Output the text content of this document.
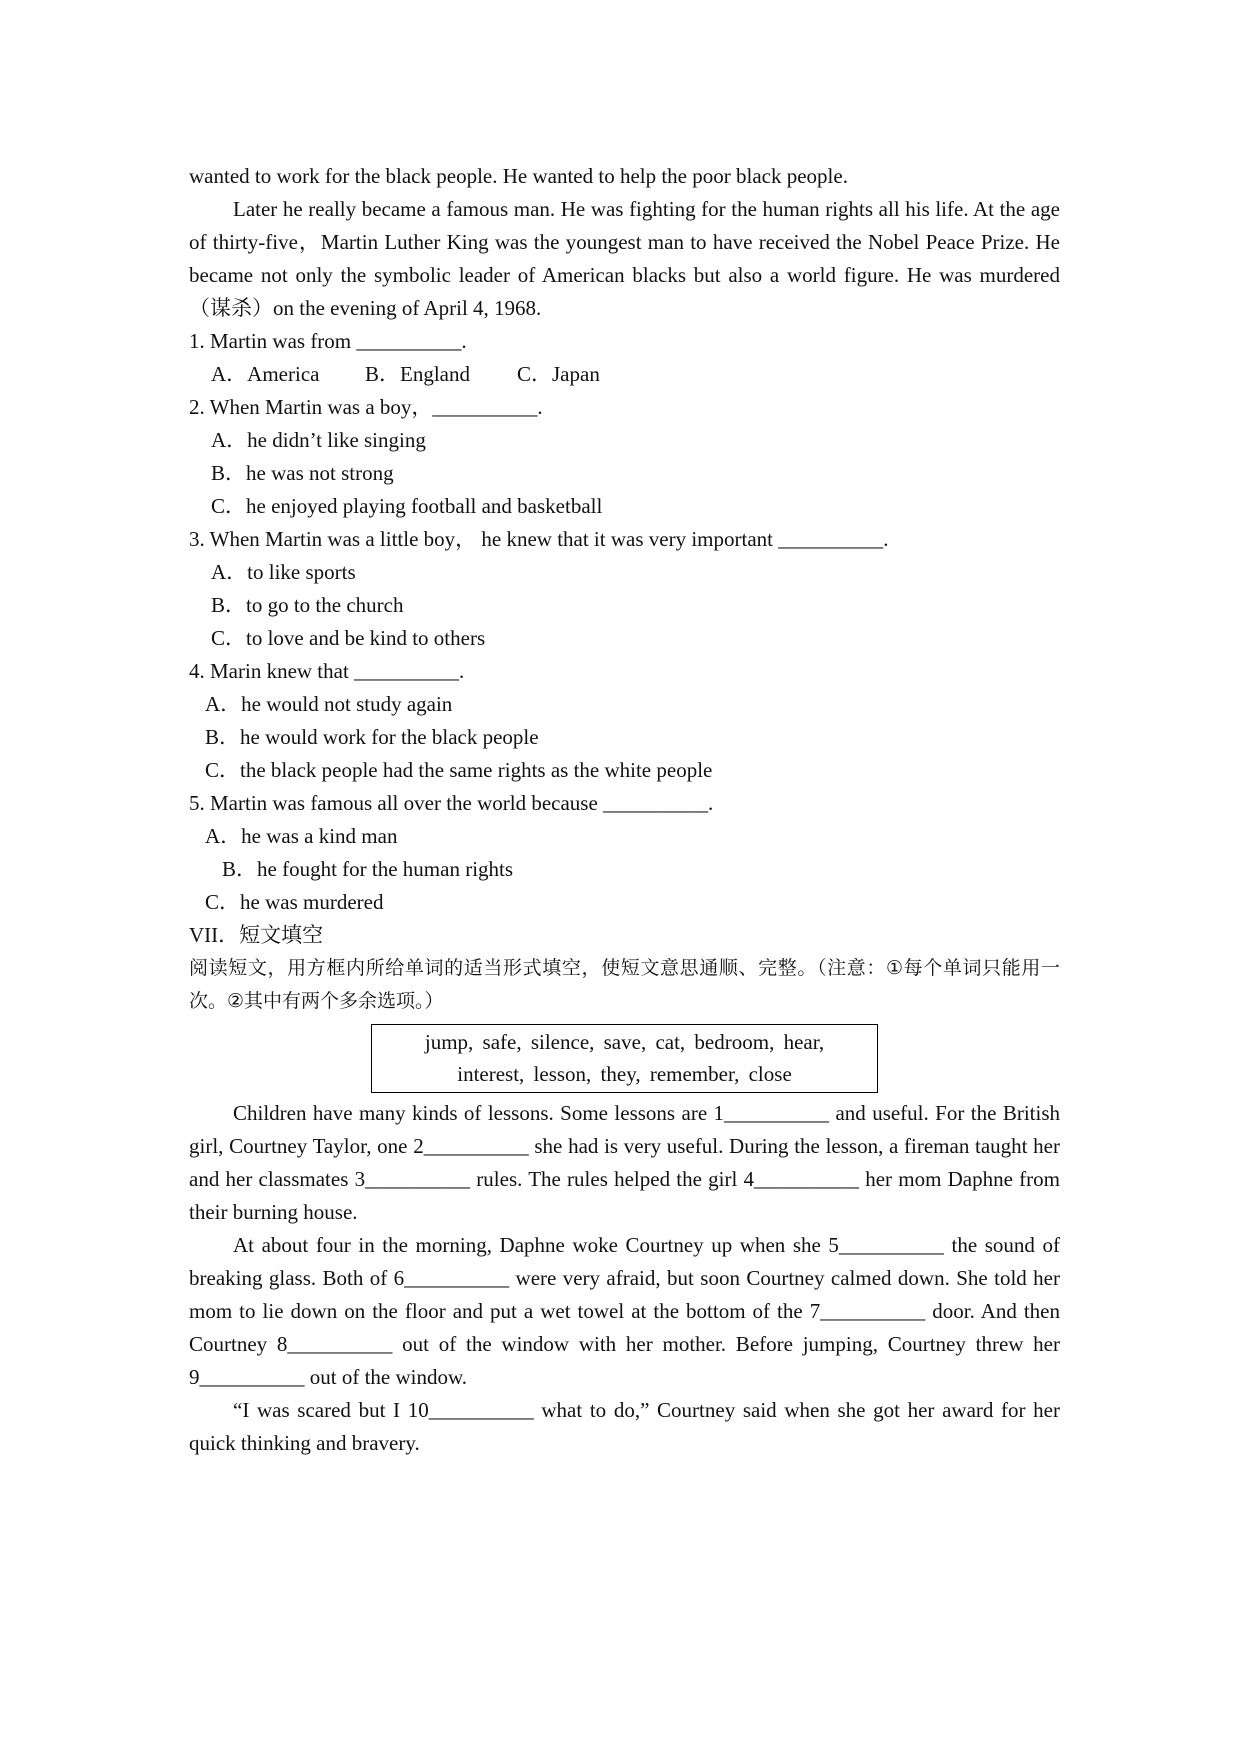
wanted to work for the black people. He wanted to help the poor black people.
Later he really became a famous man. He was fighting for the human rights all his life. At the age of thirty-five，Martin Luther King was the youngest man to have received the Nobel Peace Prize. He became not only the symbolic leader of American blacks but also a world figure. He was murdered（谋杀）on the evening of April 4, 1968.
1. Martin was from __________.
A．America B．England C．Japan
2. When Martin was a boy，__________.
A．he didn’t like singing
B．he was not strong
C．he enjoyed playing football and basketball
3. When Martin was a little boy， he knew that it was very important __________.
A．to like sports
B．to go to the church
C．to love and be kind to others
4. Marin knew that __________.
A．he would not study again
B．he would work for the black people
C．the black people had the same rights as the white people
5. Martin was famous all over the world because __________.
A．he was a kind man
B．he fought for the human rights
C．he was murdered
VII．短文填空
阅读短文，用方框内所给单词的适当形式填空，使短文意思通顺、完整。（注意：①每个单词只能用一次。②其中有两个多余选项。）
jump, safe, silence, save, cat, bedroom, hear,
interest, lesson, they, remember, close
Children have many kinds of lessons. Some lessons are 1__________ and useful. For the British girl, Courtney Taylor, one 2__________ she had is very useful. During the lesson, a fireman taught her and her classmates 3__________ rules. The rules helped the girl 4__________ her mom Daphne from their burning house.
At about four in the morning, Daphne woke Courtney up when she 5__________ the sound of breaking glass. Both of 6__________ were very afraid, but soon Courtney calmed down. She told her mom to lie down on the floor and put a wet towel at the bottom of the 7__________ door. And then Courtney 8__________ out of the window with her mother. Before jumping, Courtney threw her 9__________ out of the window.
“I was scared but I 10__________ what to do,” Courtney said when she got her award for her quick thinking and bravery.
